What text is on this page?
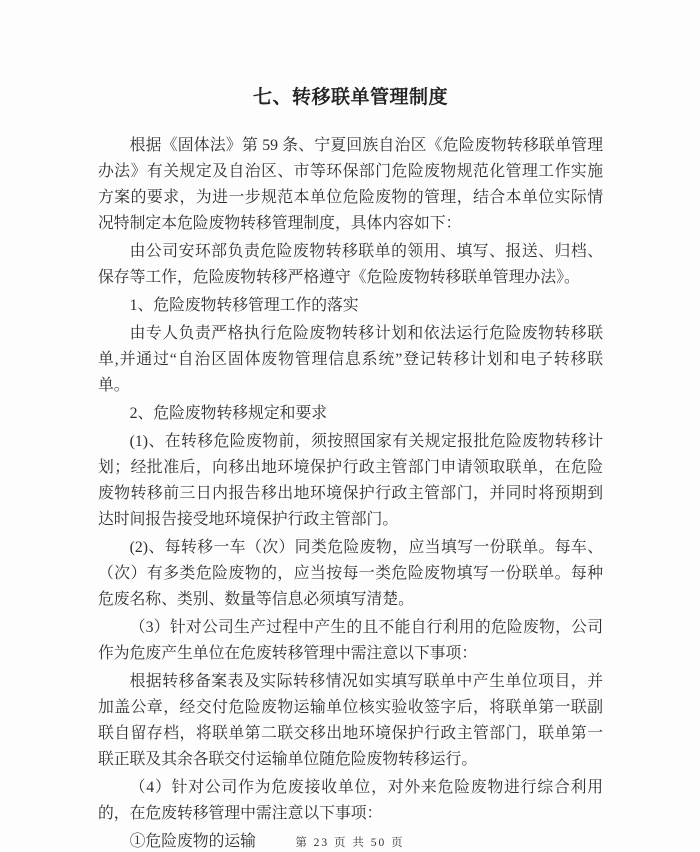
七、转移联单管理制度

根据《固体法》第 59 条、宁夏回族自治区《危险废物转移联单管理办法》有关规定及自治区、市等环保部门危险废物规范化管理工作实施方案的要求，为进一步规范本单位危险废物的管理，结合本单位实际情况特制定本危险废物转移管理制度，具体内容如下：

由公司安环部负责危险废物转移联单的领用、填写、报送、归档、保存等工作，危险废物转移严格遵守《危险废物转移联单管理办法》。

1、危险废物转移管理工作的落实

由专人负责严格执行危险废物转移计划和依法运行危险废物转移联单,并通过“自治区固体废物管理信息系统”登记转移计划和电子转移联单。

2、危险废物转移规定和要求

(1)、在转移危险废物前，须按照国家有关规定报批危险废物转移计划；经批准后，向移出地环境保护行政主管部门申请领取联单，在危险废物转移前三日内报告移出地环境保护行政主管部门，并同时将预期到达时间报告接受地环境保护行政主管部门。

(2)、每转移一车（次）同类危险废物，应当填写一份联单。每车、（次）有多类危险废物的，应当按每一类危险废物填写一份联单。每种危废名称、类别、数量等信息必须填写清楚。

（3）针对公司生产过程中产生的且不能自行利用的危险废物，公司作为危废产生单位在危废转移管理中需注意以下事项：

根据转移备案表及实际转移情况如实填写联单中产生单位项目，并加盖公章，经交付危险废物运输单位核实验收签字后，将联单第一联副联自留存档，将联单第二联交移出地环境保护行政主管部门，联单第一联正联及其余各联交付运输单位随危险废物转移运行。

（4）针对公司作为危废接收单位，对外来危险废物进行综合利用的，在危废转移管理中需注意以下事项：

①危险废物的运输	第 23 页 共 50 页
